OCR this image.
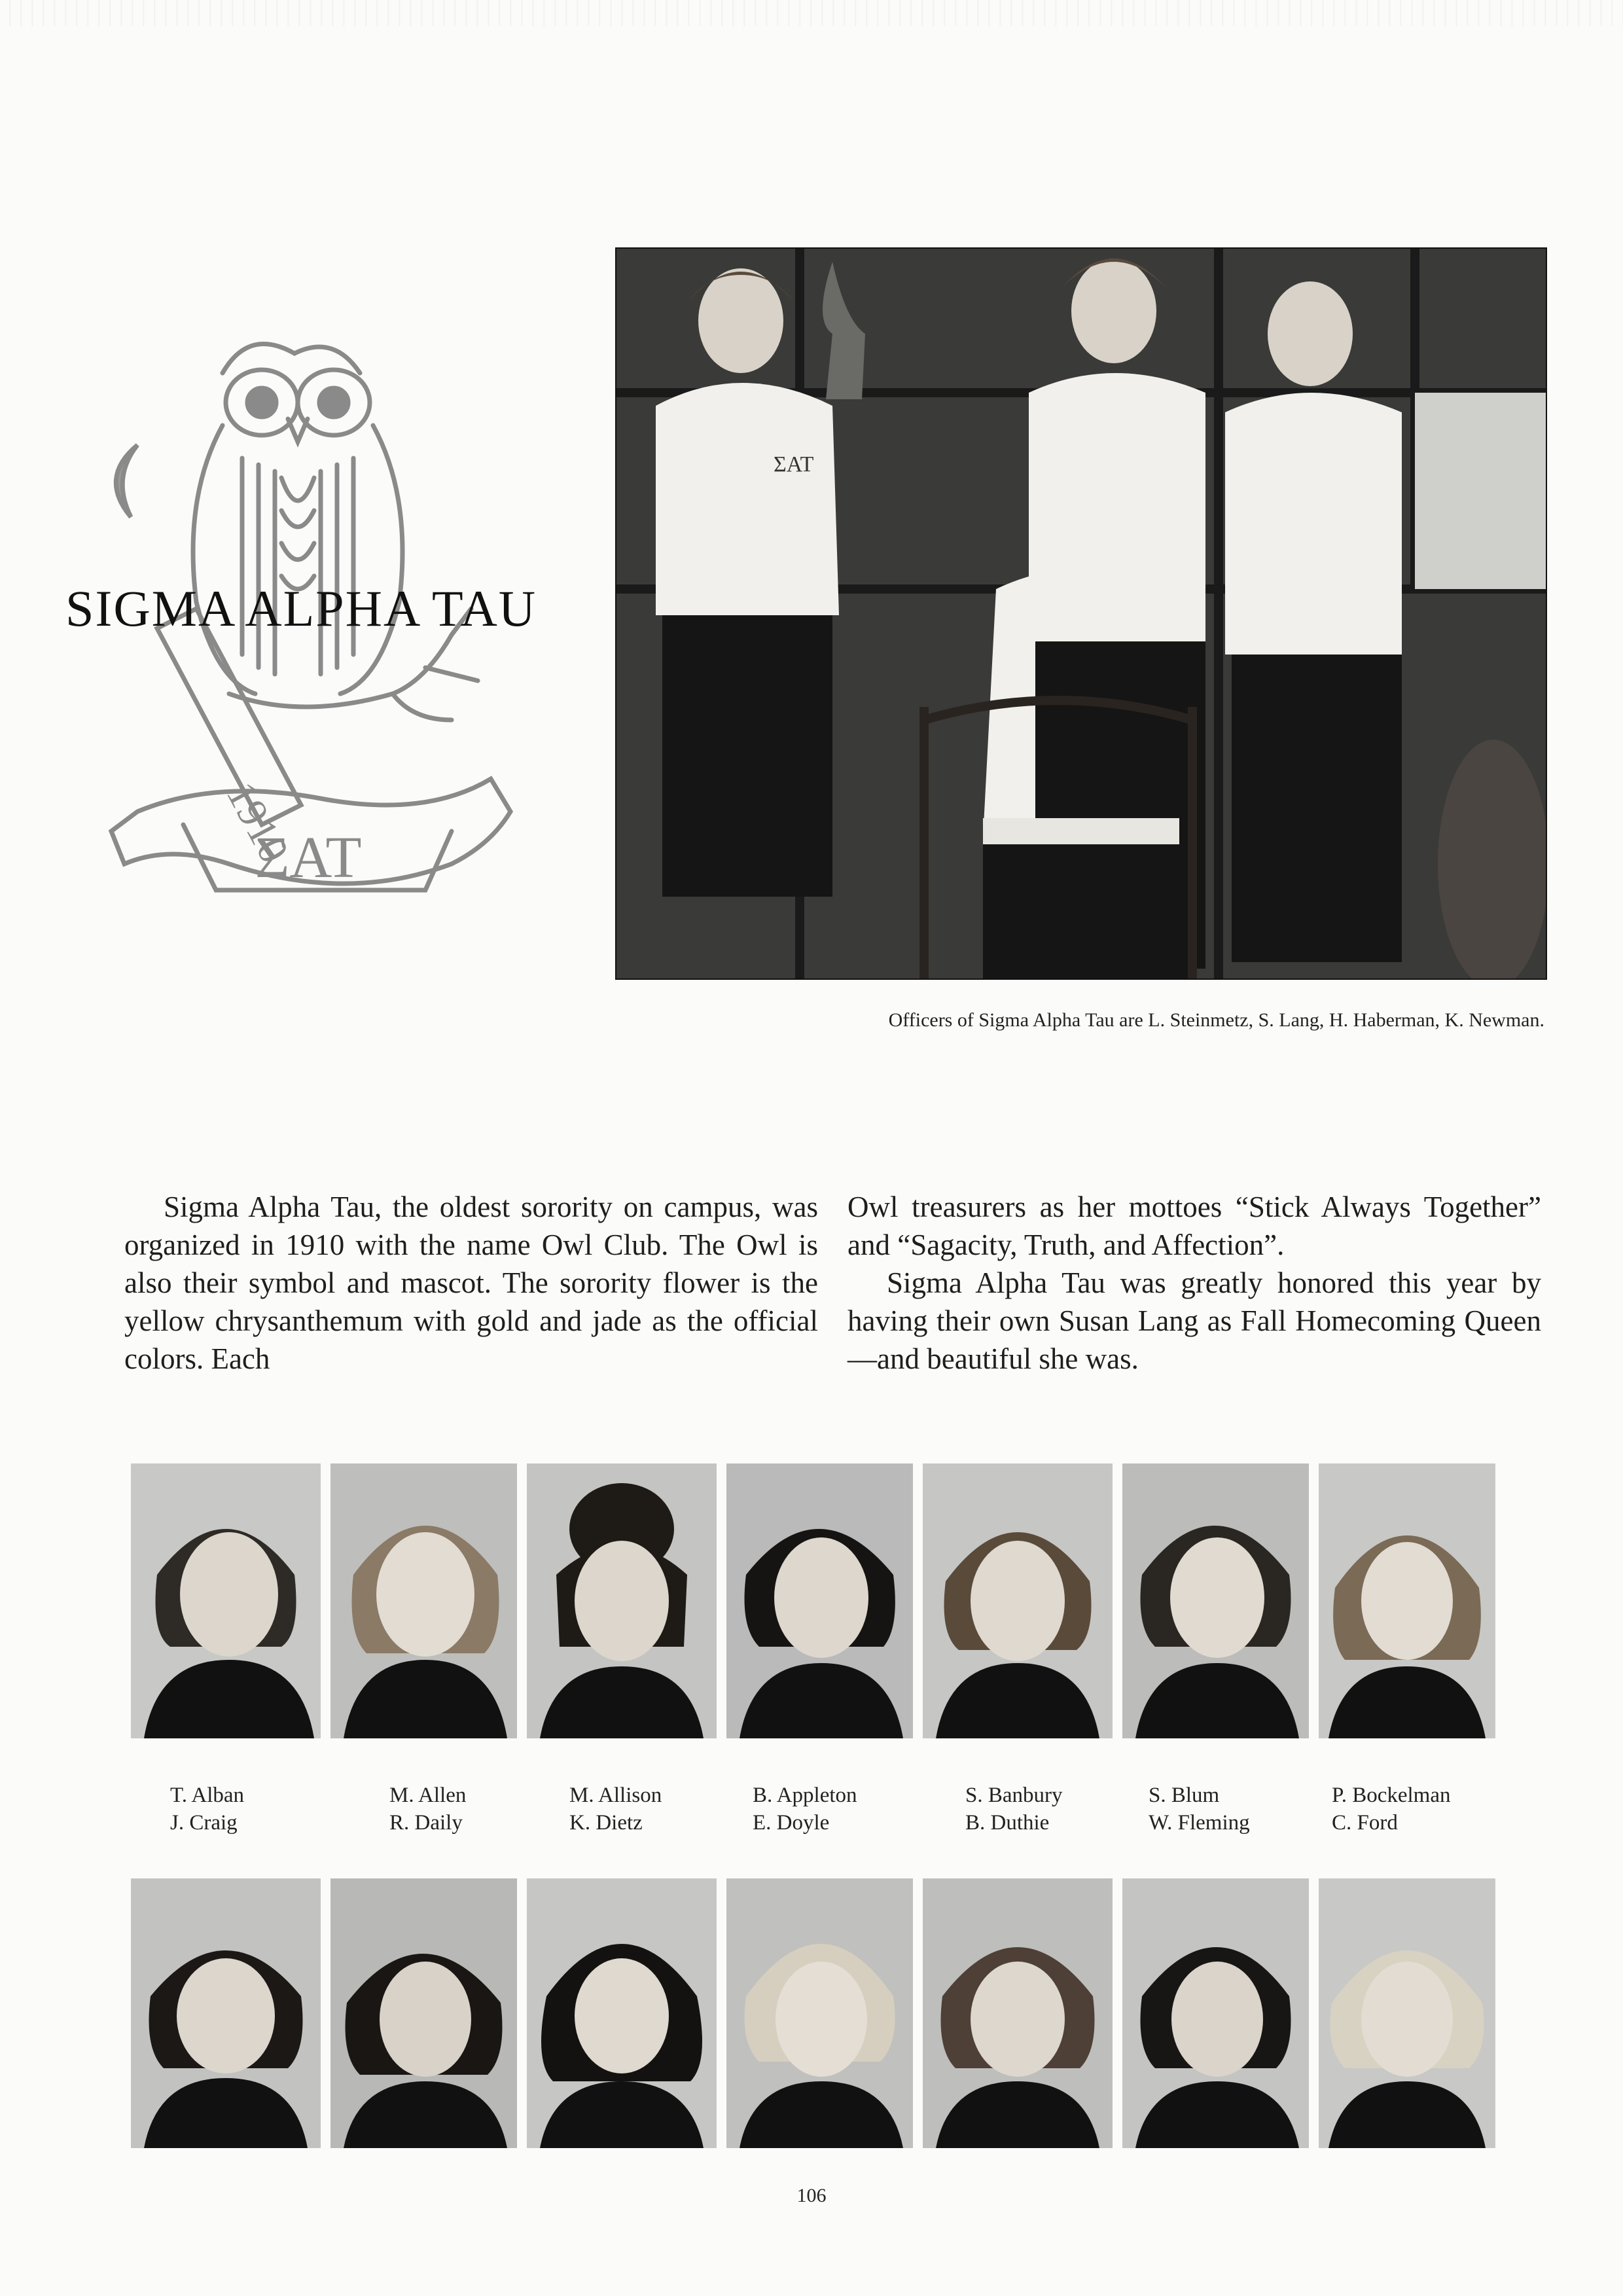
1910
ΣΑΤ
SIGMA ALPHA TAU
ΣΑΤ
Officers of Sigma Alpha Tau are L. Steinmetz, S. Lang, H. Haberman, K. Newman.

Sigma Alpha Tau, the oldest sorority on campus, was organized in 1910 with the name Owl Club. The Owl is also their symbol and mascot. The sorority flower is the yellow chrysanthemum with gold and jade as the official colors. Each

Owl treasurers as her mottoes “Stick Always Together” and “Sagacity, Truth, and Affection”.

Sigma Alpha Tau was greatly honored this year by having their own Susan Lang as Fall Homecoming Queen—and beautiful she was.

T. Alban
J. Craig
M. Allen
R. Daily
M. Allison
K. Dietz
B. Appleton
E. Doyle
S. Banbury
B. Duthie
S. Blum
W. Fleming
P. Bockelman
C. Ford
106
